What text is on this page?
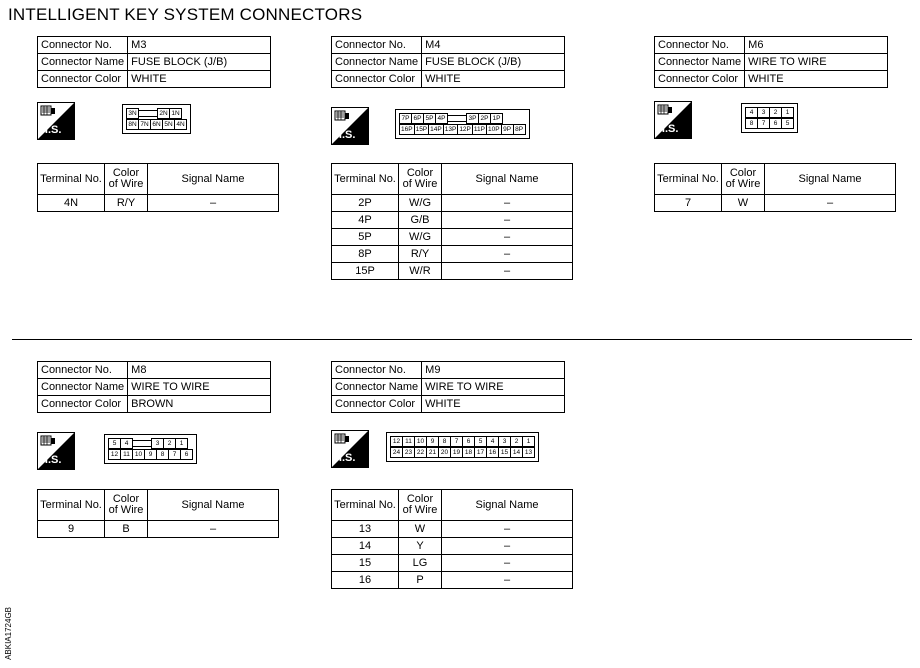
INTELLIGENT KEY SYSTEM CONNECTORS
ABKIA1724GB
Connector No.	M3
Connector Name	FUSE BLOCK (J/B)
Connector Color	WHITE
H.S.
3N	2N 1N
8N 7N 6N 5N 4N
Terminal No.	Color of Wire	Signal Name
4N	R/Y	–
Connector No.	M4
Connector Name	FUSE BLOCK (J/B)
Connector Color	WHITE
H.S.
7P 6P 5P 4P	3P 2P 1P
16P 15P 14P 13P 12P 11P 10P 9P 8P
Terminal No.	Color of Wire	Signal Name
2P	W/G	–
4P	G/B	–
5P	W/G	–
8P	R/Y	–
15P	W/R	–
Connector No.	M6
Connector Name	WIRE TO WIRE
Connector Color	WHITE
H.S.
4	3	2	1
8	7	6	5
Terminal No.	Color of Wire	Signal Name
7	W	–
Connector No.	M8
Connector Name	WIRE TO WIRE
Connector Color	BROWN
H.S.
5	4	3	2	1
12 11 10	9	8	7	6
Terminal No.	Color of Wire	Signal Name
9	B	–
Connector No.	M9
Connector Name	WIRE TO WIRE
Connector Color	WHITE
H.S.
12 11 10	9	8	7	6	5	4	3	2	1
24 23 22 21 20 19 18 17 16 15 14 13
Terminal No.	Color of Wire	Signal Name
13	W	–
14	Y	–
15	LG	–
16	P	–
